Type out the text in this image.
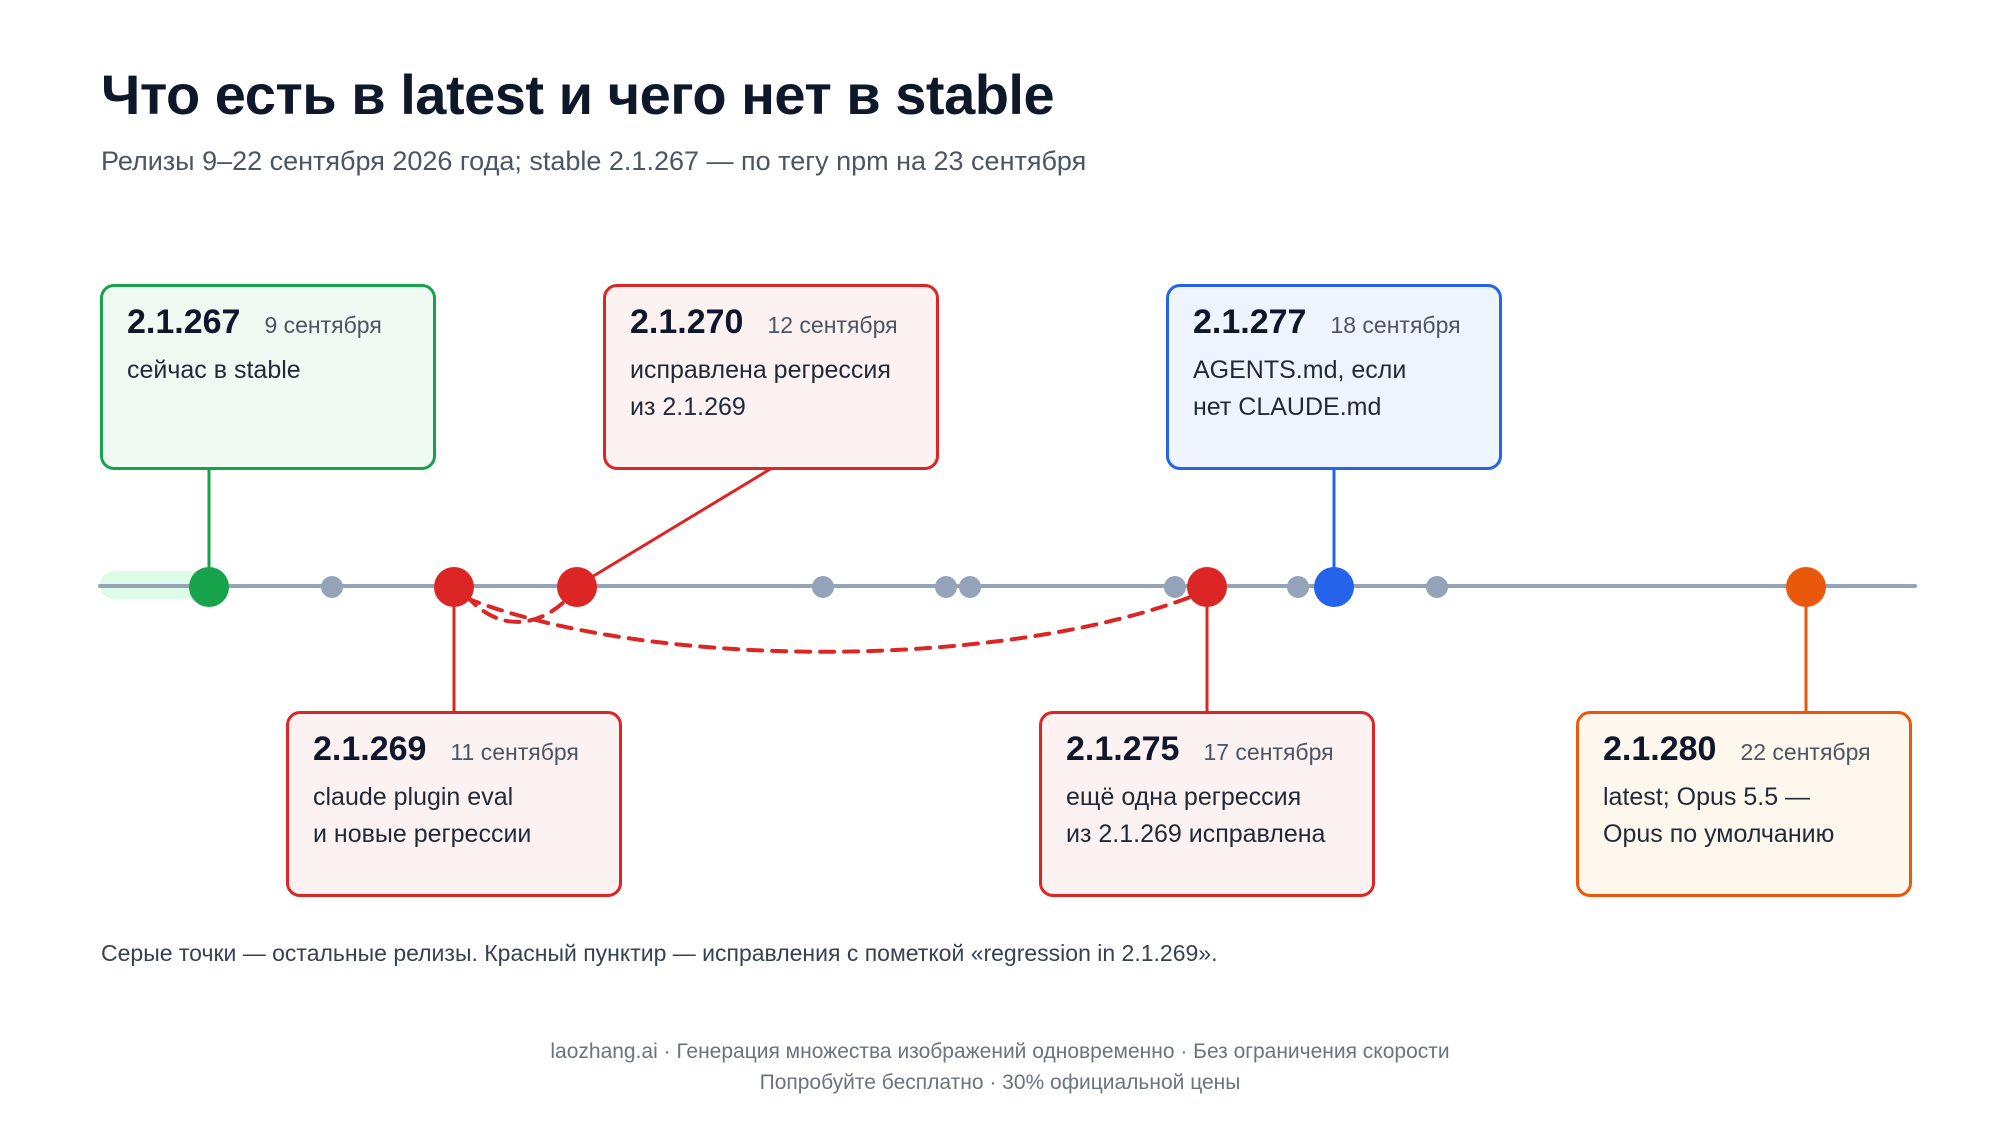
Что есть в latest и чего нет в stable
Релизы 9–22 сентября 2026 года; stable 2.1.267 — по тегу npm на 23 сентября
2.1.267 9 сентября
сейчас в stable
2.1.270 12 сентября
исправлена регрессия
из 2.1.269
2.1.277 18 сентября
AGENTS.md, если
нет CLAUDE.md
2.1.269 11 сентября
claude plugin eval
и новые регрессии
2.1.275 17 сентября
ещё одна регрессия
из 2.1.269 исправлена
2.1.280 22 сентября
latest; Opus 5.5 —
Opus по умолчанию
Серые точки — остальные релизы. Красный пунктир — исправления с пометкой «regression in 2.1.269».
laozhang.ai · Генерация множества изображений одновременно · Без ограничения скорости
Попробуйте бесплатно · 30% официальной цены
